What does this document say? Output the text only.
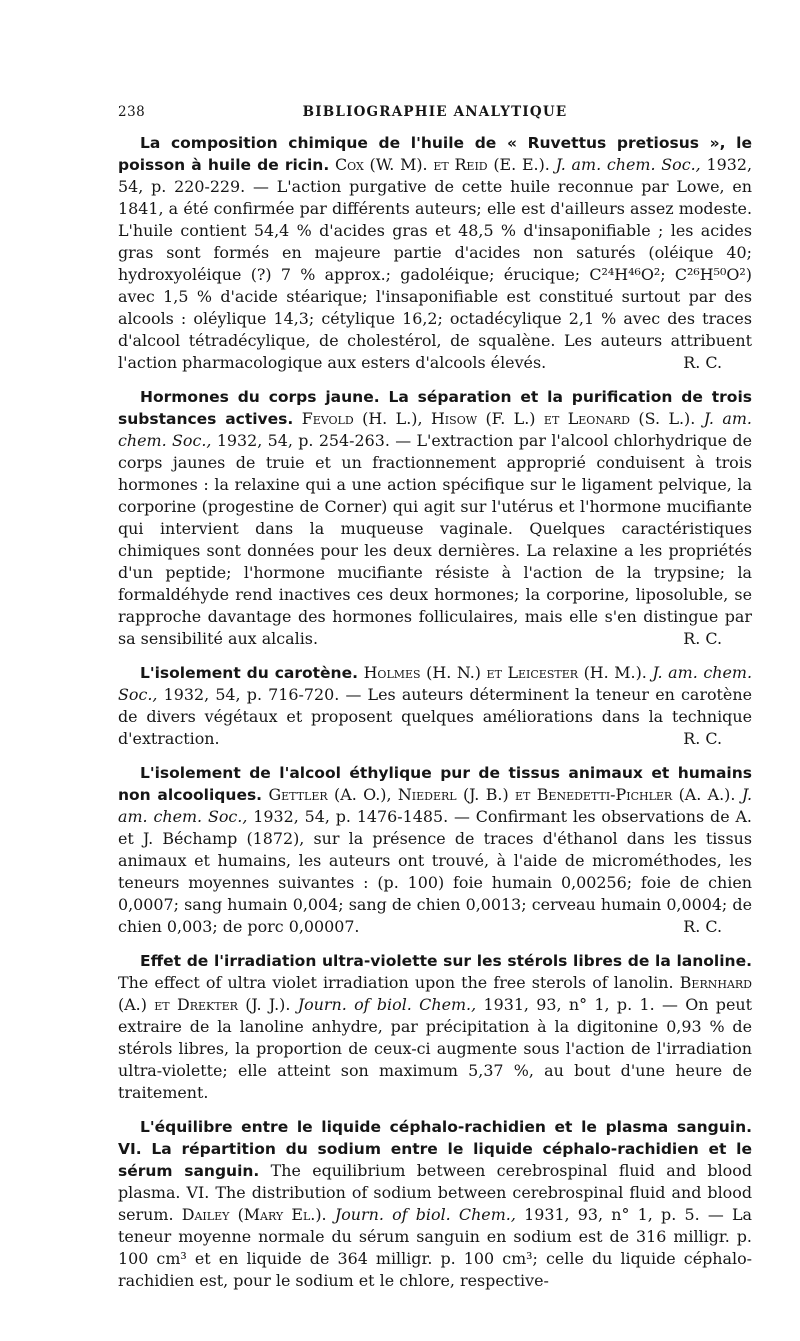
238	BIBLIOGRAPHIE ANALYTIQUE

La composition chimique de l'huile de « Ruvettus pretiosus », le poisson à huile de ricin. Cox (W. M). et Reid (E. E.). J. am. chem. Soc., 1932, 54, p. 220-229. — L'action purgative de cette huile reconnue par Lowe, en 1841, a été confirmée par différents auteurs; elle est d'ailleurs assez modeste. L'huile contient 54,4 % d'acides gras et 48,5 % d'insaponifiable ; les acides gras sont formés en majeure partie d'acides non saturés (oléique 40; hydroxyoléique (?) 7 % approx.; gadoléique; érucique; C²⁴H⁴⁶O²; C²⁶H⁵⁰O²) avec 1,5 % d'acide stéarique; l'insaponifiable est constitué surtout par des alcools : oléylique 14,3; cétylique 16,2; octadécylique 2,1 % avec des traces d'alcool tétradécylique, de cholestérol, de squalène. Les auteurs attribuent l'action pharmacologique aux esters d'alcools élevés.	R. C.

Hormones du corps jaune. La séparation et la purification de trois substances actives. Fevold (H. L.), Hisow (F. L.) et Leonard (S. L.). J. am. chem. Soc., 1932, 54, p. 254-263. — L'extraction par l'alcool chlorhydrique de corps jaunes de truie et un fractionnement approprié conduisent à trois hormones : la relaxine qui a une action spécifique sur le ligament pelvique, la corporine (progestine de Corner) qui agit sur l'utérus et l'hormone mucifiante qui intervient dans la muqueuse vaginale. Quelques caractéristiques chimiques sont données pour les deux dernières. La relaxine a les propriétés d'un peptide; l'hormone mucifiante résiste à l'action de la trypsine; la formaldéhyde rend inactives ces deux hormones; la corporine, liposoluble, se rapproche davantage des hormones folliculaires, mais elle s'en distingue par sa sensibilité aux alcalis.	R. C.

L'isolement du carotène. Holmes (H. N.) et Leicester (H. M.). J. am. chem. Soc., 1932, 54, p. 716-720. — Les auteurs déterminent la teneur en carotène de divers végétaux et proposent quelques améliorations dans la technique d'extraction.	R. C.

L'isolement de l'alcool éthylique pur de tissus animaux et humains non alcooliques. Gettler (A. O.), Niederl (J. B.) et Benedetti-Pichler (A. A.). J. am. chem. Soc., 1932, 54, p. 1476-1485. — Confirmant les observations de A. et J. Béchamp (1872), sur la présence de traces d'éthanol dans les tissus animaux et humains, les auteurs ont trouvé, à l'aide de microméthodes, les teneurs moyennes suivantes : (p. 100) foie humain 0,00256; foie de chien 0,0007; sang humain 0,004; sang de chien 0,0013; cerveau humain 0,0004; de chien 0,003; de porc 0,00007.	R. C.

Effet de l'irradiation ultra-violette sur les stérols libres de la lanoline. The effect of ultra violet irradiation upon the free sterols of lanolin. Bernhard (A.) et Drekter (J. J.). Journ. of biol. Chem., 1931, 93, n° 1, p. 1. — On peut extraire de la lanoline anhydre, par précipitation à la digitonine 0,93 % de stérols libres, la proportion de ceux-ci augmente sous l'action de l'irradiation ultra-violette; elle atteint son maximum 5,37 %, au bout d'une heure de traitement.

L'équilibre entre le liquide céphalo-rachidien et le plasma sanguin. VI. La répartition du sodium entre le liquide céphalo-rachidien et le sérum sanguin. The equilibrium between cerebrospinal fluid and blood plasma. VI. The distribution of sodium between cerebrospinal fluid and blood serum. Dailey (Mary El.). Journ. of biol. Chem., 1931, 93, n° 1, p. 5. — La teneur moyenne normale du sérum sanguin en sodium est de 316 milligr. p. 100 cm³ et en liquide de 364 milligr. p. 100 cm³; celle du liquide céphalo-rachidien est, pour le sodium et le chlore, respective-
